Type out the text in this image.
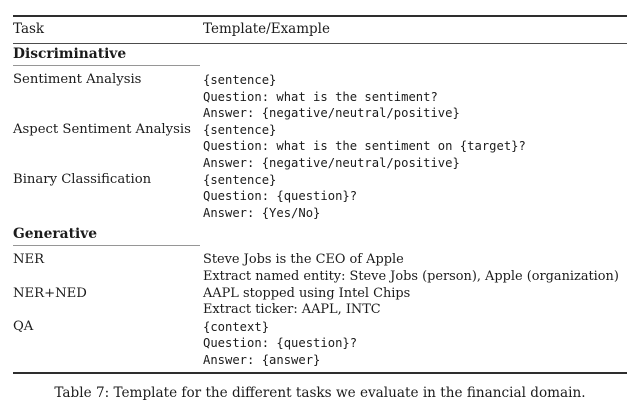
Task	Template/Example
Discriminative
Sentiment Analysis	{sentence}
Question: what is the sentiment?
Answer: {negative/neutral/positive}
Aspect Sentiment Analysis {sentence}
Question: what is the sentiment on {target}?
Answer: {negative/neutral/positive}
Binary Classification	{sentence}
Question: {question}?
Answer: {Yes/No}
Generative
NER	Steve Jobs is the CEO of Apple
Extract named entity: Steve Jobs (person), Apple (organization)
NER+NED	AAPL stopped using Intel Chips
Extract ticker: AAPL, INTC
QA	{context}
Question: {question}?
Answer: {answer}
Table 7: Template for the different tasks we evaluate in the financial domain.
